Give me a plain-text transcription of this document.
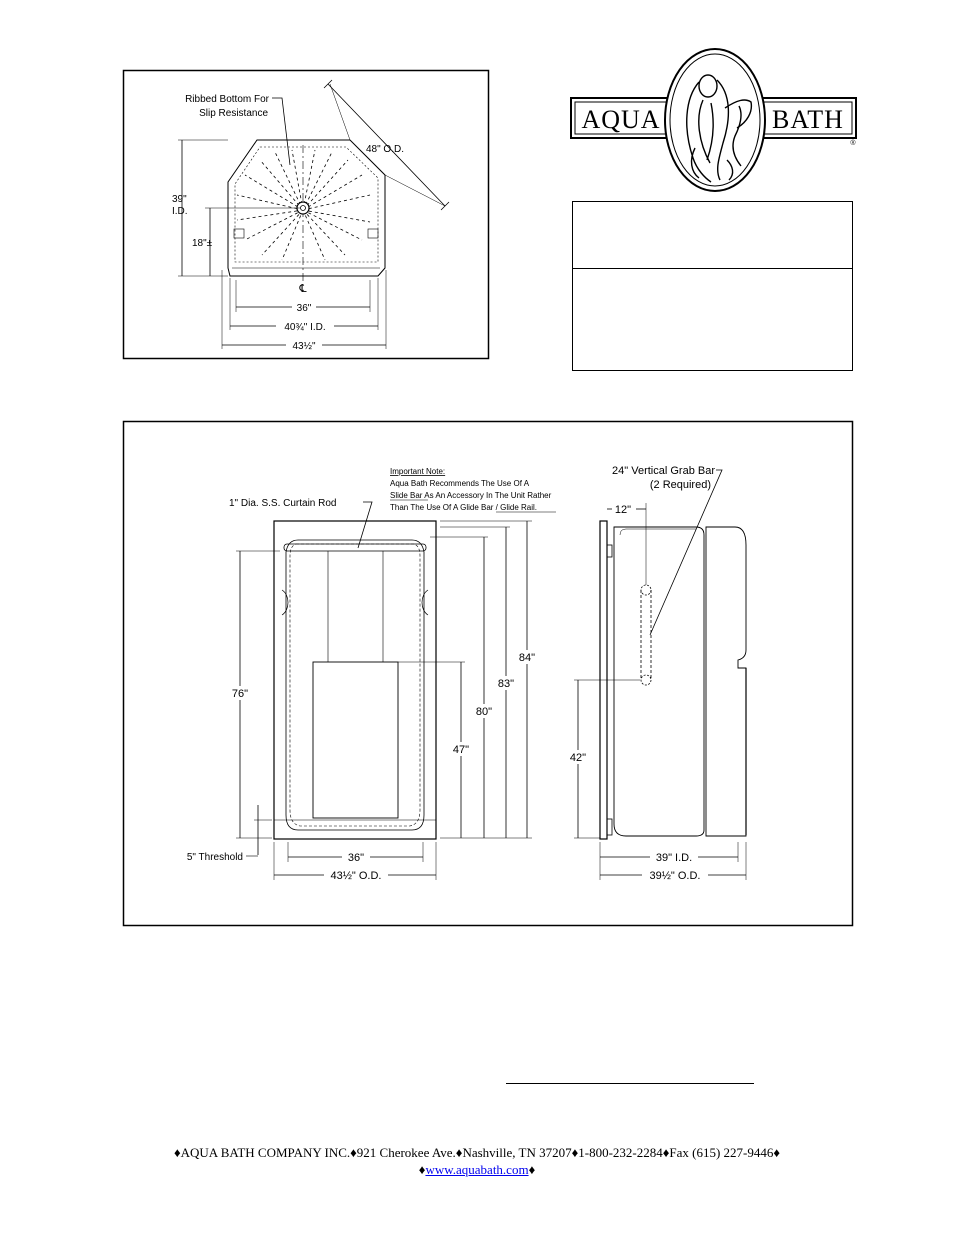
Ribbed Bottom For
Slip Resistance
48" O.D.
39"
I.D.
18"±
℄
36"
40¾" I.D.
43½"
AQUA	BATH
®
Important Note:
Aqua Bath Recommends The Use Of A
Slide Bar As An Accessory In The Unit Rather
Than The Use Of A Glide Bar / Glide Rail.
1" Dia. S.S. Curtain Rod
76"
5" Threshold
84"
83"
80"
47"
36"
43½" O.D.
24" Vertical Grab Bar
(2 Required)
12"
42"
39" I.D.
39½" O.D.
♦AQUA BATH COMPANY INC.♦921 Cherokee Ave.♦Nashville, TN 37207♦1-800-232-2284♦Fax (615) 227-9446♦
♦www.aquabath.com♦
